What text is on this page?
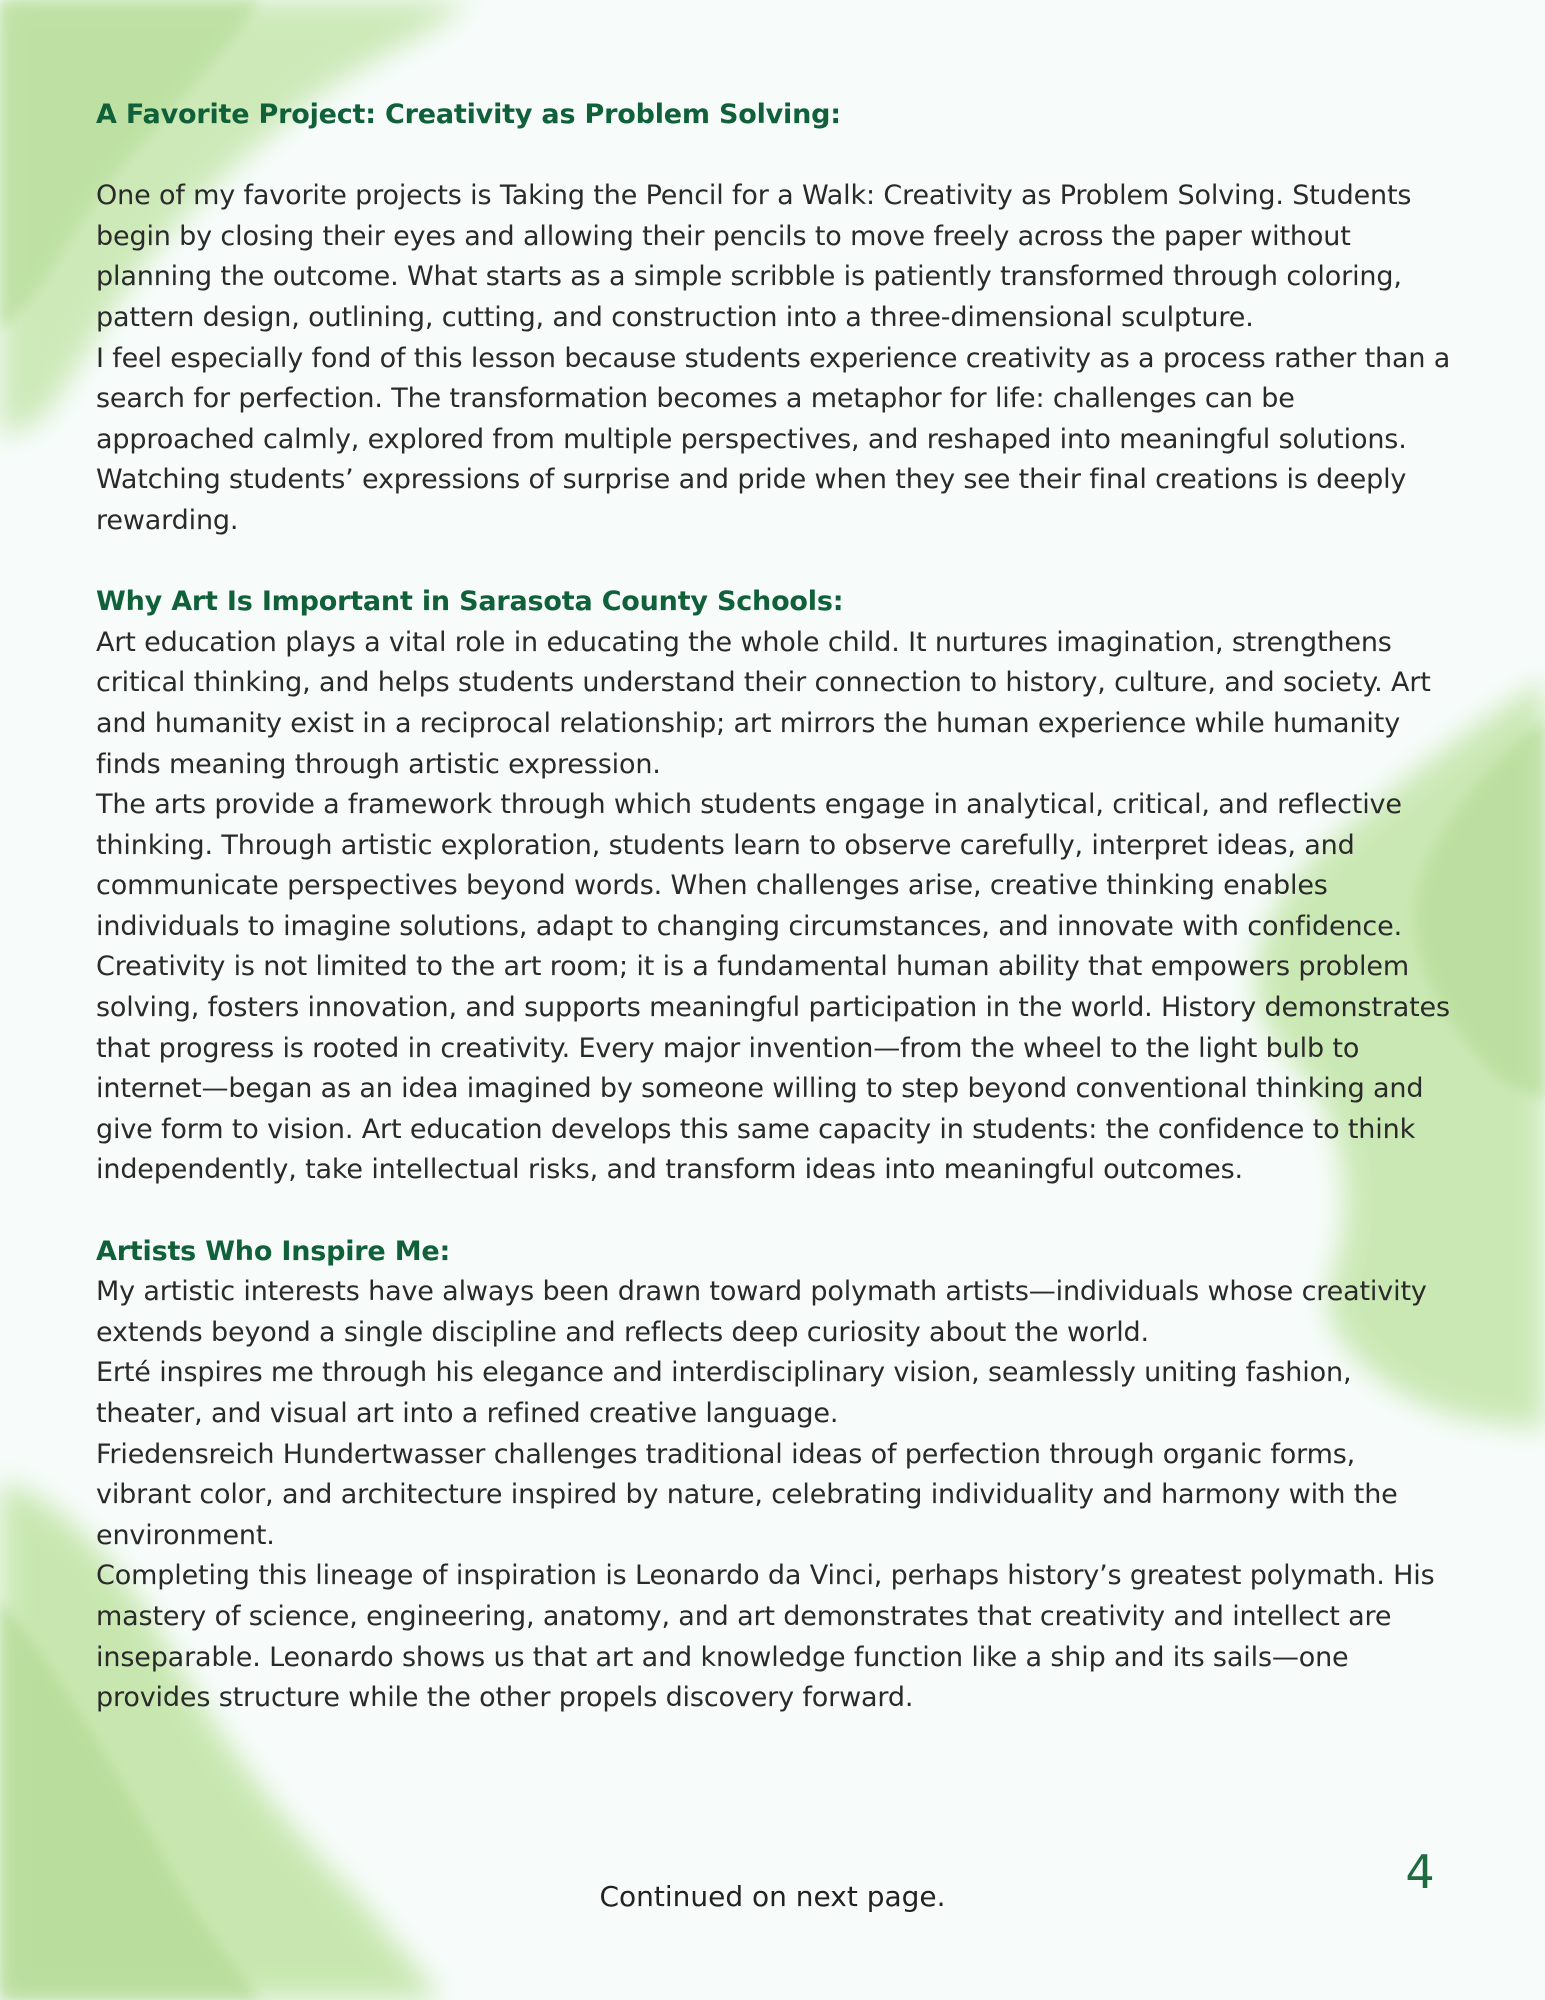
A Favorite Project: Creativity as Problem Solving:

One of my favorite projects is Taking the Pencil for a Walk: Creativity as Problem Solving. Students begin by closing their eyes and allowing their pencils to move freely across the paper without planning the outcome. What starts as a simple scribble is patiently transformed through coloring, pattern design, outlining, cutting, and construction into a three-dimensional sculpture.

I feel especially fond of this lesson because students experience creativity as a process rather than a search for perfection. The transformation becomes a metaphor for life: challenges can be approached calmly, explored from multiple perspectives, and reshaped into meaningful solutions. Watching students’ expressions of surprise and pride when they see their final creations is deeply rewarding.

Why Art Is Important in Sarasota County Schools:

Art education plays a vital role in educating the whole child. It nurtures imagination, strengthens critical thinking, and helps students understand their connection to history, culture, and society. Art and humanity exist in a reciprocal relationship; art mirrors the human experience while humanity finds meaning through artistic expression.

The arts provide a framework through which students engage in analytical, critical, and reflective thinking. Through artistic exploration, students learn to observe carefully, interpret ideas, and communicate perspectives beyond words. When challenges arise, creative thinking enables individuals to imagine solutions, adapt to changing circumstances, and innovate with confidence.

Creativity is not limited to the art room; it is a fundamental human ability that empowers problem solving, fosters innovation, and supports meaningful participation in the world. History demonstrates that progress is rooted in creativity. Every major invention—from the wheel to the light bulb to internet—began as an idea imagined by someone willing to step beyond conventional thinking and give form to vision. Art education develops this same capacity in students: the confidence to think independently, take intellectual risks, and transform ideas into meaningful outcomes.

Artists Who Inspire Me:

My artistic interests have always been drawn toward polymath artists—individuals whose creativity extends beyond a single discipline and reflects deep curiosity about the world.

Erté inspires me through his elegance and interdisciplinary vision, seamlessly uniting fashion, theater, and visual art into a refined creative language.

Friedensreich Hundertwasser challenges traditional ideas of perfection through organic forms, vibrant color, and architecture inspired by nature, celebrating individuality and harmony with the environment.

Completing this lineage of inspiration is Leonardo da Vinci, perhaps history’s greatest polymath. His mastery of science, engineering, anatomy, and art demonstrates that creativity and intellect are inseparable. Leonardo shows us that art and knowledge function like a ship and its sails—one provides structure while the other propels discovery forward.

4
Continued on next page.
